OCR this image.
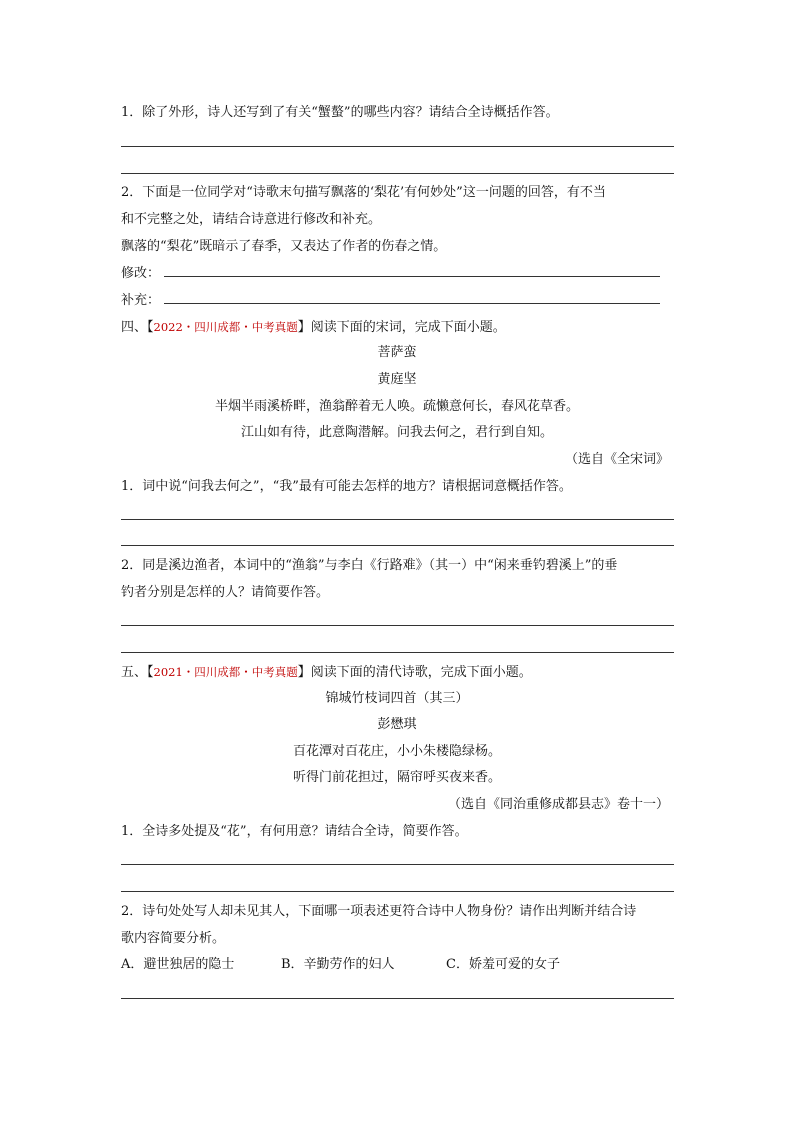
1．除了外形，诗人还写到了有关“蟹螯”的哪些内容？请结合全诗概括作答。
2．下面是一位同学对“诗歌末句描写飘落的‘梨花’有何妙处”这一问题的回答，有不当
和不完整之处，请结合诗意进行修改和补充。
飘落的“梨花”既暗示了春季，又表达了作者的伤春之情。
修改：
补充：
四、【2022・四川成都・中考真题】阅读下面的宋词，完成下面小题。
菩萨蛮
黄庭坚
半烟半雨溪桥畔，渔翁醉着无人唤。疏懒意何长，春风花草香。
江山如有待，此意陶潜解。问我去何之，君行到自知。
（选自《全宋词》
1．词中说“问我去何之”，“我”最有可能去怎样的地方？请根据词意概括作答。
2．同是溪边渔者，本词中的“渔翁”与李白《行路难》（其一）中“闲来垂钓碧溪上”的垂
钓者分别是怎样的人？请简要作答。
五、【2021・四川成都・中考真题】阅读下面的清代诗歌，完成下面小题。
锦城竹枝词四首（其三）
彭懋琪
百花潭对百花庄，小小朱楼隐绿杨。
听得门前花担过，隔帘呼买夜来香。
（选自《同治重修成都县志》卷十一）
1．全诗多处提及“花”，有何用意？请结合全诗，简要作答。
2．诗句处处写人却未见其人，下面哪一项表述更符合诗中人物身份？请作出判断并结合诗
歌内容简要分析。
A．避世独居的隐士	B．辛勤劳作的妇人	C．娇羞可爱的女子
